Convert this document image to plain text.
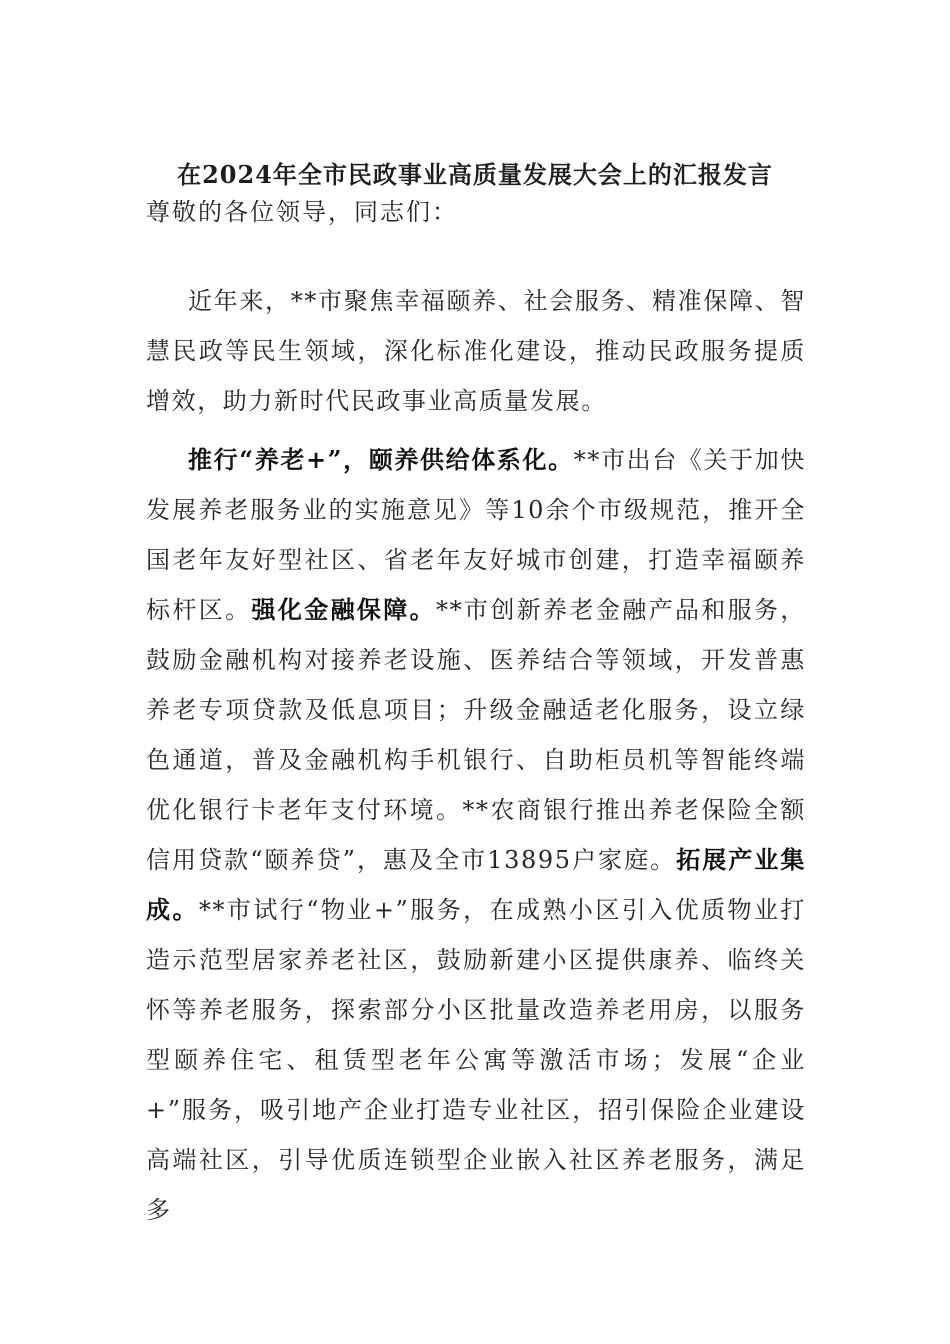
在2024年全市民政事业高质量发展大会上的汇报发言
尊敬的各位领导，同志们：
近年来，**市聚焦幸福颐养、社会服务、精准保障、智慧民政等民生领域，深化标准化建设，推动民政服务提质增效，助力新时代民政事业高质量发展。
推行“养老+”，颐养供给体系化。**市出台《关于加快发展养老服务业的实施意见》等10余个市级规范，推开全国老年友好型社区、省老年友好城市创建，打造幸福颐养标杆区。强化金融保障。**市创新养老金融产品和服务，鼓励金融机构对接养老设施、医养结合等领域，开发普惠养老专项贷款及低息项目；升级金融适老化服务，设立绿色通道，普及金融机构手机银行、自助柜员机等智能终端优化银行卡老年支付环境。**农商银行推出养老保险全额信用贷款“颐养贷”，惠及全市13895户家庭。拓展产业集成。**市试行“物业+”服务，在成熟小区引入优质物业打造示范型居家养老社区，鼓励新建小区提供康养、临终关怀等养老服务，探索部分小区批量改造养老用房，以服务型颐养住宅、租赁型老年公寓等激活市场；发展“企业+”服务，吸引地产企业打造专业社区，招引保险企业建设高端社区，引导优质连锁型企业嵌入社区养老服务，满足多
